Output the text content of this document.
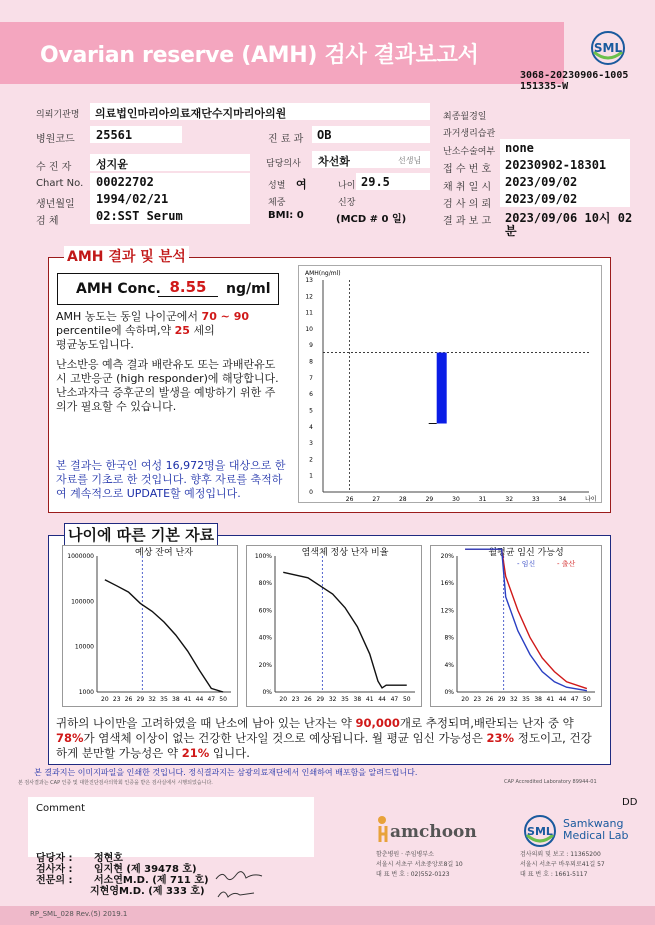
Ovarian reserve (AMH) 검사 결과보고서	SML
3068-20230906-1005
151335-W
의뢰기관명 의료법인마리아의료재단수지마리아의원
병원코드 25561	진 료 과 OB
수 진 자 성지윤	담당의사 차선화	선생님
Chart No. 00022702	성별 여	나이 29.5
생년월일 1994/02/21	체중	신장
검 체	02:SST Serum	BMI: 0	(MCD # 0 일)
최종월경일
과거생리습관
난소수술여부 none
접 수 번 호 20230902-18301
채 취 일 시 2023/09/02
검 사 의 뢰 2023/09/02
결 과 보 고 2023/09/06 10시 02
분
AMH 결과 및 분석
AMH Conc. 8.55	ng/ml
AMH 농도는 동일 나이군에서 70 ~ 90 percentile에 속하며,약 25 세의
평균농도입니다.
난소반응 예측 결과 배란유도 또는 과배란유도시 고반응군 (high responder)에 해당합니다. 난소과자극 증후군의 발생을 예방하기 위한 주의가 필요할 수 있습니다.
본 결과는 한국인 여성 16,972명을 대상으로 한 자료를 기초로 한 것입니다. 향후 자료를 축적하여 계속적으로 UPDATE할 예정입니다.
AMH(ng/ml)
0
1
2
3
4
5
6
7
8
9
10
11
12
13
26	27	28	29	30	31	32	33	34	나이
나이에 따른 기본 자료
예상 잔여 난자
1000000
100000
10000
1000
20 23 26 29 32 35 38 41 44 47 50
염색체 정상 난자 비율
100%
80%
60%
40%
20%
0%
20 23 26 29 32 35 38 41 44 47 50
월평균 임신 가능성
20%
16%
12%
8%
4%
0%
20 23 26 29 32 35 38 41 44 47 50
- 임신	- 출산
귀하의 나이만을 고려하였을 때 난소에 남아 있는 난자는 약 90,000개로 추정되며,배란되는 난자 중 약 78%가 염색체 이상이 없는 건강한 난자일 것으로 예상됩니다. 월 평균 임신 가능성은 23% 정도이고, 건강하게 분만할 가능성은 약 21% 입니다.
본 결과지는 이미지파일을 인쇄한 것입니다. 정식결과지는 삼광의료재단에서 인쇄하여 배포함을 알려드립니다.
본 검사결과는 CAP 인증 및 대한진단검사의학회 인증을 받은 검사실에서 시행되었습니다.	CAP Accredited Laboratory 89944-01
Comment
DD
담당자 : 정현호
검사자 : 임지현 (제 39478 호)
전문의 : 서소연M.D. (제 711 호)
지현영M.D. (제 333 호)
amchoon
함춘병원 · 주임병부소
서울시 서초구 서초중앙로8길 10
대 표 번 호 : 02)552-0123
SML
Samkwang
Medical Lab
검사의뢰 및 보고 : 11365200
서울시 서초구 바우뫼로41길 57
대 표 번 호 : 1661-5117
RP_SML_028 Rev.(5) 2019.1
